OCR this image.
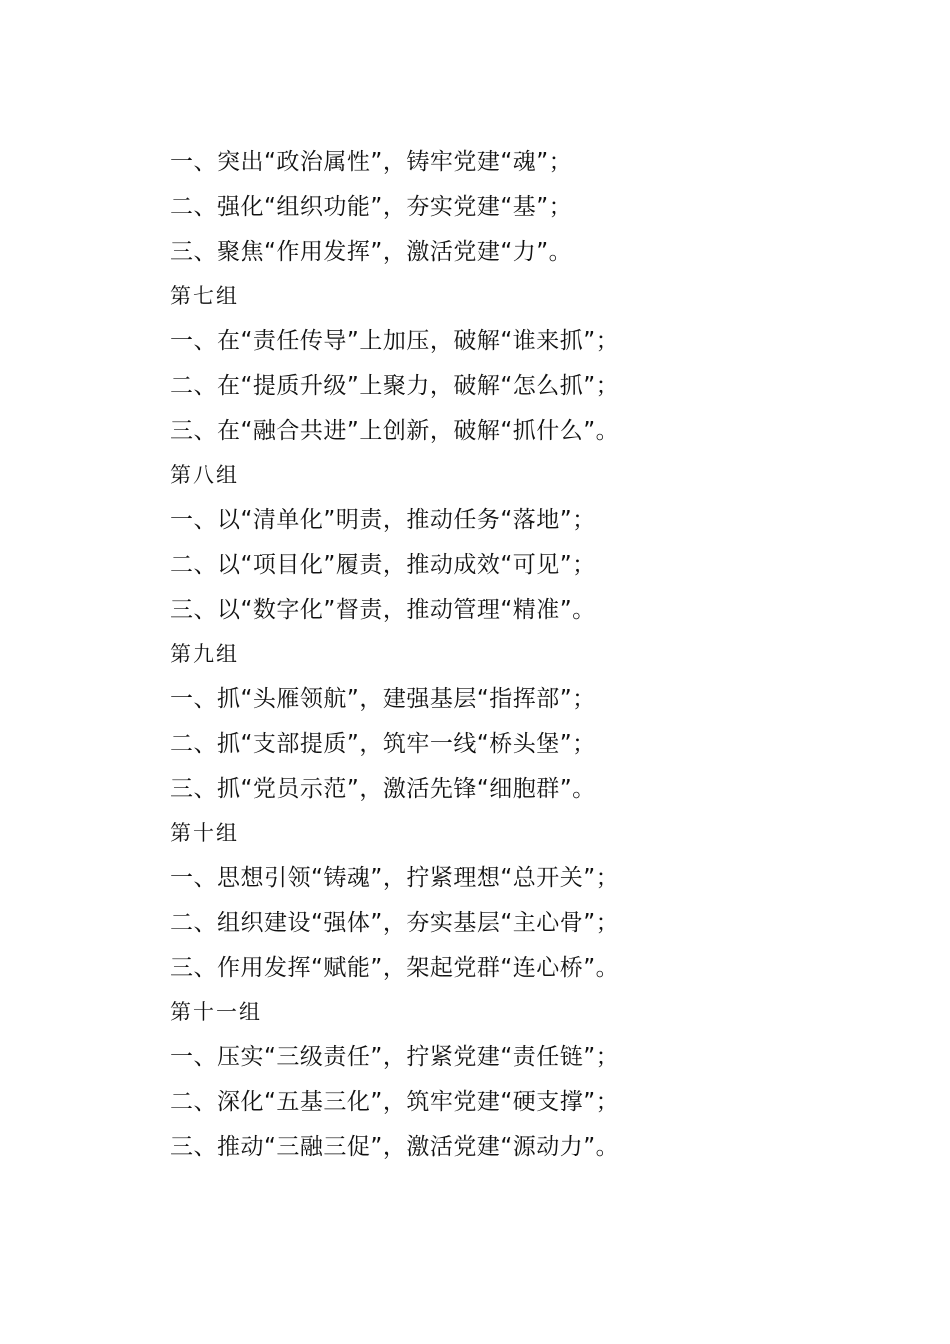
一、突出“政治属性”，铸牢党建“魂”；
二、强化“组织功能”，夯实党建“基”；
三、聚焦“作用发挥”，激活党建“力”。
第七组
一、在“责任传导”上加压，破解“谁来抓”；
二、在“提质升级”上聚力，破解“怎么抓”；
三、在“融合共进”上创新，破解“抓什么”。
第八组
一、以“清单化”明责，推动任务“落地”；
二、以“项目化”履责，推动成效“可见”；
三、以“数字化”督责，推动管理“精准”。
第九组
一、抓“头雁领航”，建强基层“指挥部”；
二、抓“支部提质”，筑牢一线“桥头堡”；
三、抓“党员示范”，激活先锋“细胞群”。
第十组
一、思想引领“铸魂”，拧紧理想“总开关”；
二、组织建设“强体”，夯实基层“主心骨”；
三、作用发挥“赋能”，架起党群“连心桥”。
第十一组
一、压实“三级责任”，拧紧党建“责任链”；
二、深化“五基三化”，筑牢党建“硬支撑”；
三、推动“三融三促”，激活党建“源动力”。
